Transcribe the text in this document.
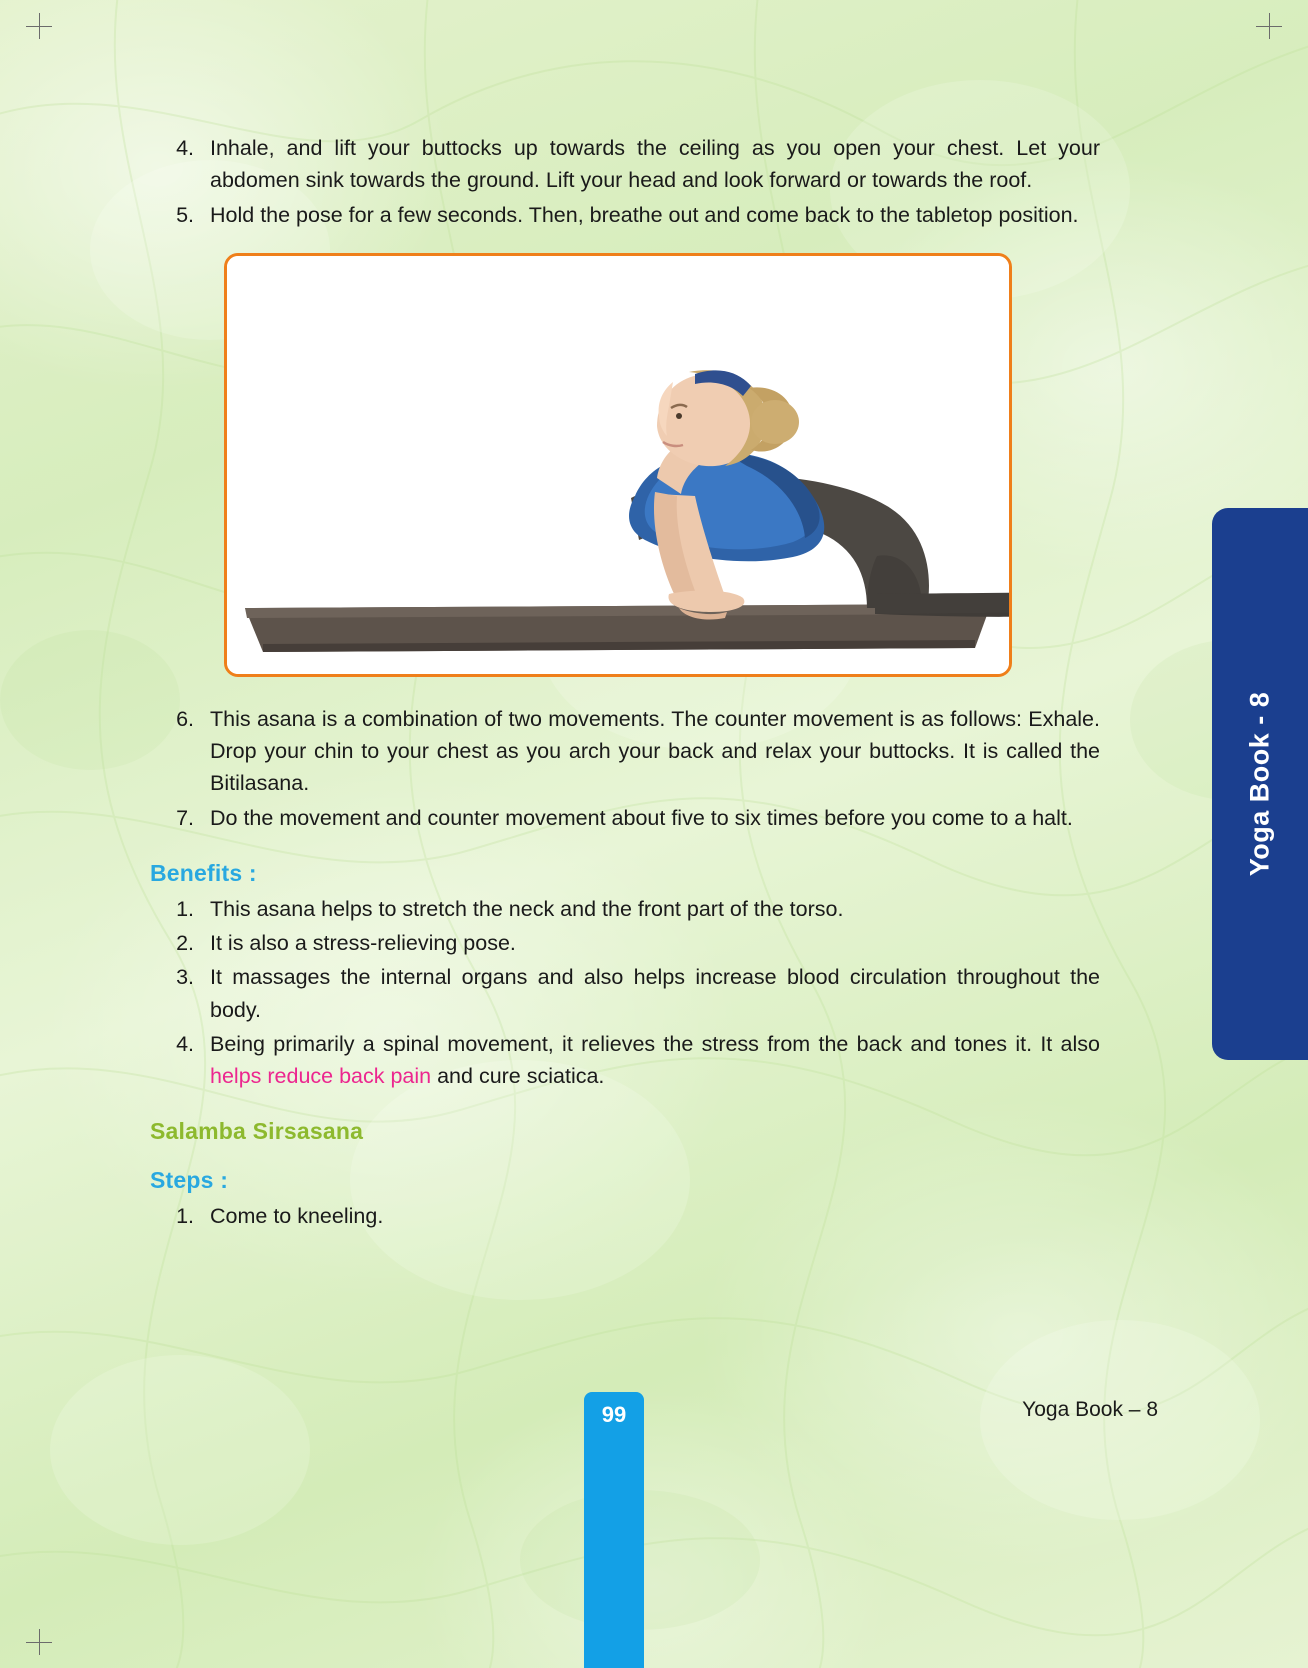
4. Inhale, and lift your buttocks up towards the ceiling as you open your chest. Let your abdomen sink towards the ground. Lift your head and look forward or towards the roof.
5. Hold the pose for a few seconds. Then, breathe out and come back to the tabletop position.
6. This asana is a combination of two movements. The counter movement is as follows: Exhale. Drop your chin to your chest as you arch your back and relax your buttocks. It is called the Bitilasana.
7. Do the movement and counter movement about five to six times before you come to a halt.
Benefits :
1. This asana helps to stretch the neck and the front part of the torso.
2. It is also a stress-relieving pose.
3. It massages the internal organs and also helps increase blood circulation throughout the body.
4. Being primarily a spinal movement, it relieves the stress from the back and tones it. It also helps reduce back pain and cure sciatica.
Salamba Sirsasana
Steps :
1. Come to kneeling.
Yoga Book - 8
99	Yoga Book – 8
